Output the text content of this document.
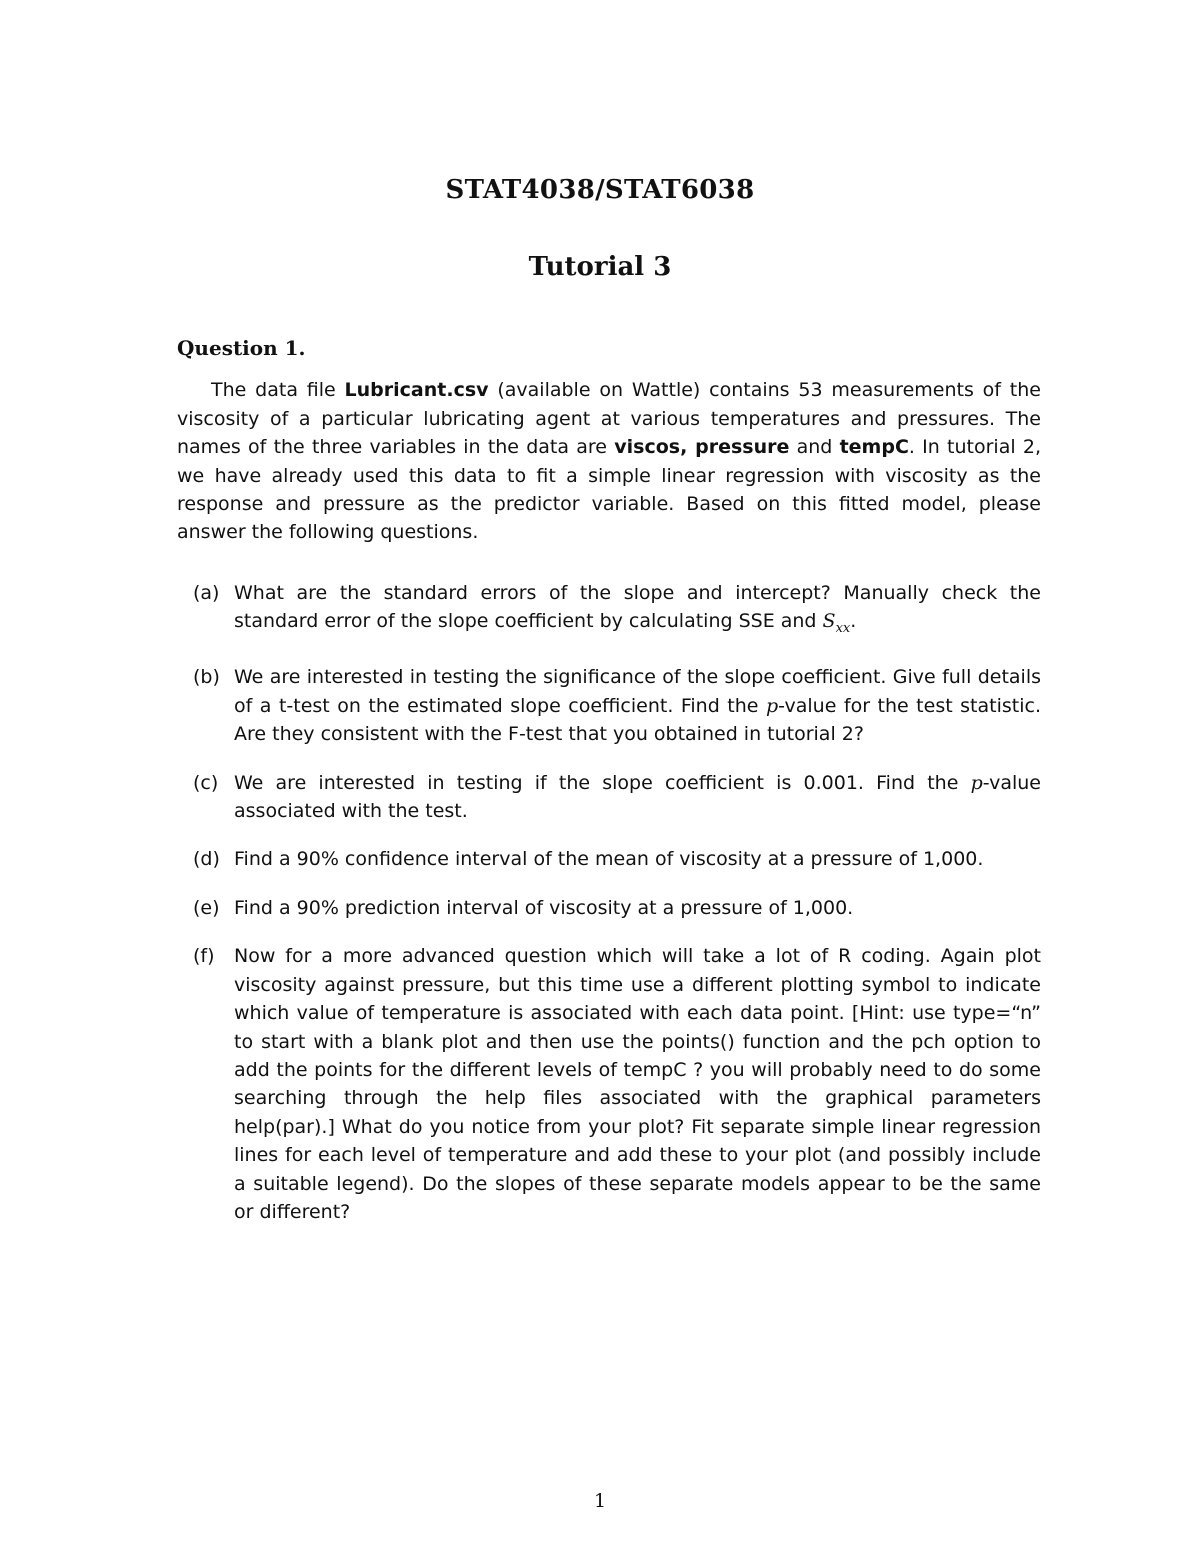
STAT4038/STAT6038
Tutorial 3
Question 1.

The data file Lubricant.csv (available on Wattle) contains 53 measurements of the viscosity of a particular lubricating agent at various temperatures and pressures. The names of the three variables in the data are viscos, pressure and tempC. In tutorial 2, we have already used this data to fit a simple linear regression with viscosity as the response and pressure as the predictor variable. Based on this fitted model, please answer the following questions.

(a) What are the standard errors of the slope and intercept? Manually check the standard error of the slope coefficient by calculating SSE and $S_{xx}$.
(b) We are interested in testing the significance of the slope coefficient. Give full details of a t-test on the estimated slope coefficient. Find the p-value for the test statistic. Are they consistent with the F-test that you obtained in tutorial 2?
(c) We are interested in testing if the slope coefficient is 0.001. Find the p-value associated with the test.
(d) Find a 90% confidence interval of the mean of viscosity at a pressure of 1,000.
(e) Find a 90% prediction interval of viscosity at a pressure of 1,000.
(f) Now for a more advanced question which will take a lot of R coding. Again plot viscosity against pressure, but this time use a different plotting symbol to indicate which value of temperature is associated with each data point. [Hint: use type=“n” to start with a blank plot and then use the points() function and the pch option to add the points for the different levels of tempC ? you will probably need to do some searching through the help files associated with the graphical parameters help(par).] What do you notice from your plot? Fit separate simple linear regression lines for each level of temperature and add these to your plot (and possibly include a suitable legend). Do the slopes of these separate models appear to be the same or different?
1
